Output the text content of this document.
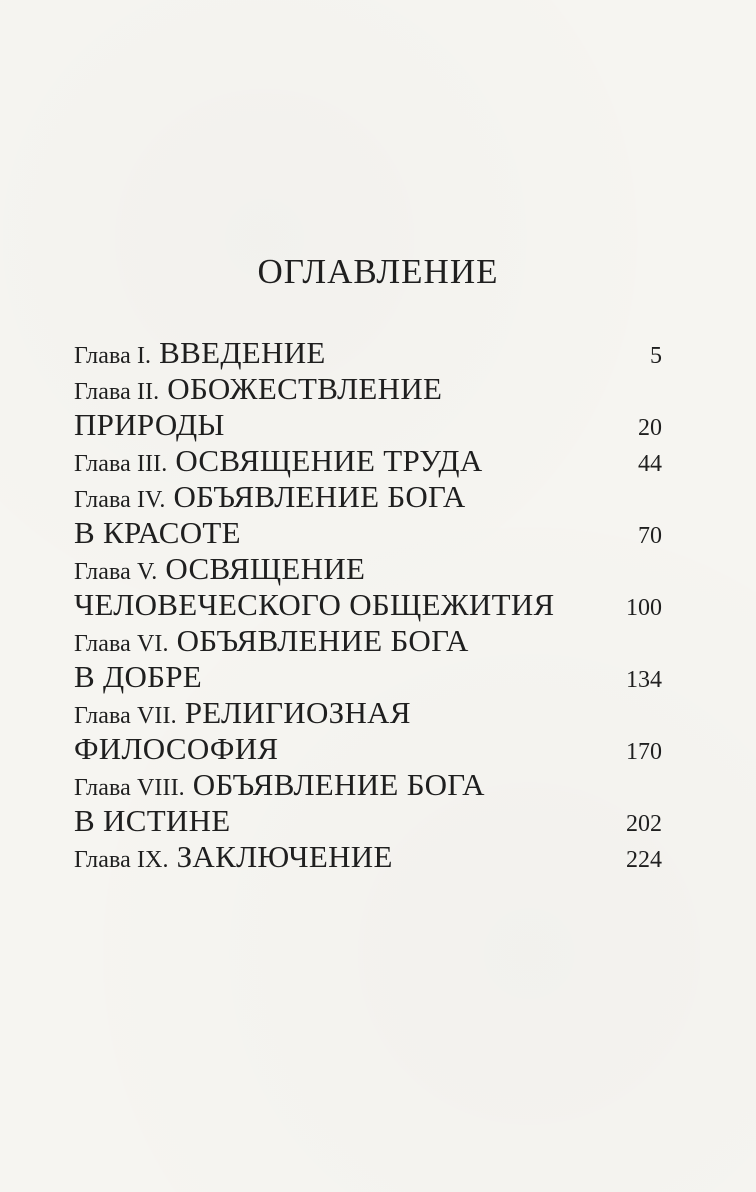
ОГЛАВЛЕНИЕ
Глава I. ВВЕДЕНИЕ . . .	5
Глава II. ОБОЖЕСТВЛЕНИЕ
ПРИРОДЫ . . .	20
Глава III. ОСВЯЩЕНИЕ ТРУДА . . .	44
Глава IV. ОБЪЯВЛЕНИЕ БОГА
В КРАСОТЕ . . .	70
Глава V. ОСВЯЩЕНИЕ
ЧЕЛОВЕЧЕСКОГО ОБЩЕЖИТИЯ . . .	100
Глава VI. ОБЪЯВЛЕНИЕ БОГА
В ДОБРЕ . . .	134
Глава VII. РЕЛИГИОЗНАЯ
ФИЛОСОФИЯ . . .	170
Глава VIII. ОБЪЯВЛЕНИЕ БОГА
В ИСТИНЕ . . .	202
Глава IX. ЗАКЛЮЧЕНИЕ . . .	224
